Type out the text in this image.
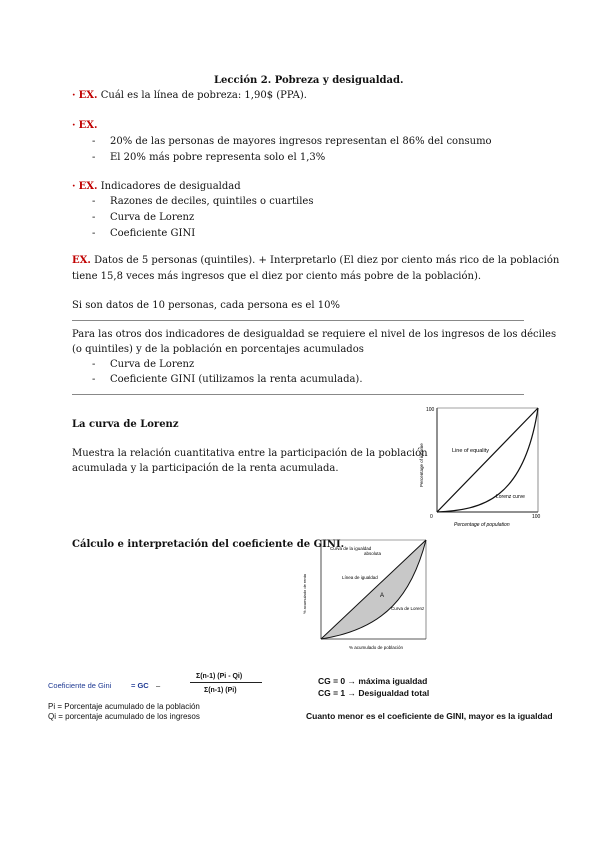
Lección 2. Pobreza y desigualdad.
· EX. Cuál es la línea de pobreza: 1,90$ (PPA).
· EX.
- 20% de las personas de mayores ingresos representan el 86% del consumo
- El 20% más pobre representa solo el 1,3%
· EX. Indicadores de desigualdad
- Razones de deciles, quintiles o cuartiles
- Curva de Lorenz
- Coeficiente GINI
EX. Datos de 5 personas (quintiles). + Interpretarlo (El diez por ciento más rico de la población
tiene 15,8 veces más ingresos que el diez por ciento más pobre de la población).
Si son datos de 10 personas, cada persona es el 10%
Para las otros dos indicadores de desigualdad se requiere el nivel de los ingresos de los déciles
(o quintiles) y de la población en porcentajes acumulados
- Curva de Lorenz
- Coeficiente GINI (utilizamos la renta acumulada).
La curva de Lorenz
Muestra la relación cuantitativa entre la participación de la población
acumulada y la participación de la renta acumulada.
100
0	100
Percentage of income
Percentage of population
Line of equality
Lorenz curve
Cálculo e interpretación del coeficiente de GINI.
Curva de la igualdad
absoluta
Línea de igualdad
A
Curva de Lorenz
% acumulado de renta
% acumulado de población
Coeficiente de Gini	= GC –
Σ(n-1) (Pi - Qi)
Σ(n-1) (Pi)
CG = 0 → máxima igualdad
CG = 1 → Desigualdad total
Pi = Porcentaje acumulado de la población
Qi = porcentaje acumulado de los ingresos	Cuanto menor es el coeficiente de GINI, mayor es la igualdad
